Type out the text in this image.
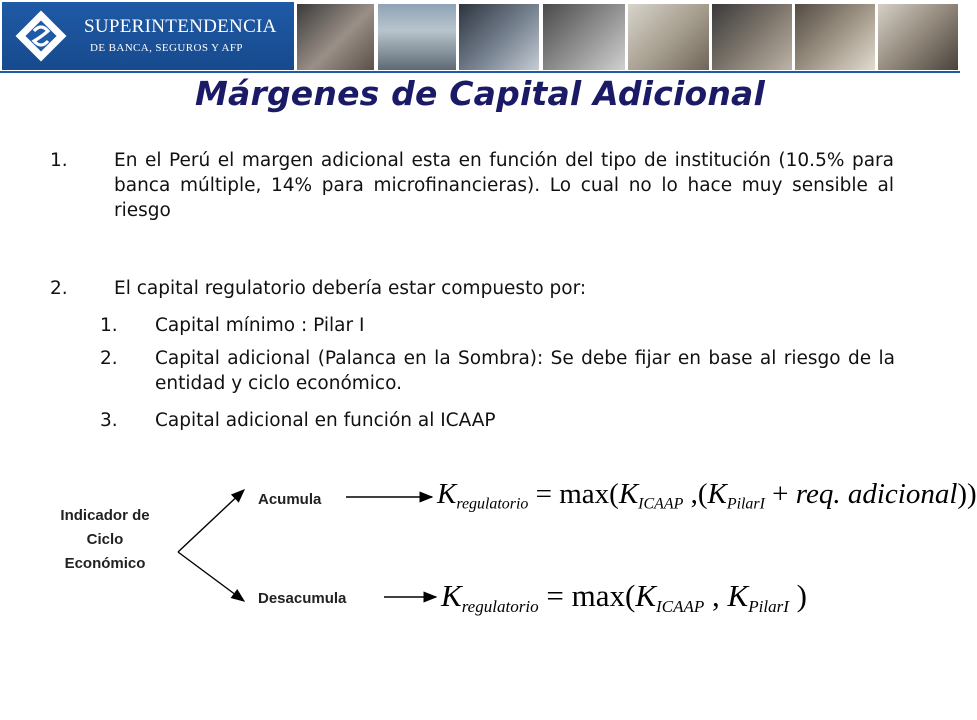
SUPERINTENDENCIA
DE BANCA, SEGUROS Y AFP
Márgenes de Capital Adicional
1.	En el Perú el margen adicional esta en función del tipo de institución (10.5% para banca múltiple, 14% para microfinancieras). Lo cual no lo hace muy sensible al riesgo
2.	El capital regulatorio debería estar compuesto por:
1. Capital mínimo : Pilar I
2. Capital adicional (Palanca en la Sombra): Se debe fijar en base al riesgo de la entidad y ciclo económico.
3. Capital adicional en función al ICAAP
Indicador de Ciclo Económico
Acumula
Desacumula
$K_{regulatorio} = \max(K_{ICAAP}$ $,(K_{PilarI}$ + req. adicional))
$K_{regulatorio} = \max(K_{ICAAP}$ , $K_{PilarI}$ )
